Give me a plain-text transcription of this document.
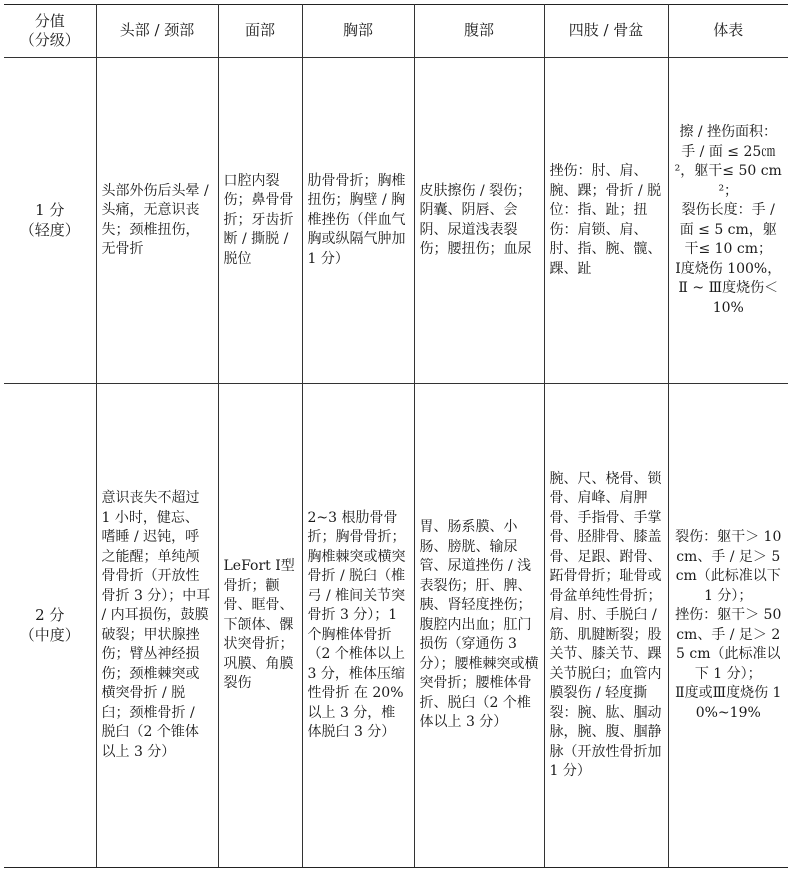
分值
（分级）	头部 / 颈部	面部	胸部	腹部	四肢 / 骨盆	体表

1 分
（轻度）	头部外伤后头晕 / 头痛，无意识丧失；颈椎扭伤，无骨折	口腔内裂伤；鼻骨骨折；牙齿折断 / 撕脱 / 脱位	肋骨骨折；胸椎扭伤；胸壁 / 胸椎挫伤（伴血气胸或纵隔气肿加 1 分）	皮肤擦伤 / 裂伤；阴囊、阴唇、会阴、尿道浅表裂伤；腰扭伤；血尿	挫伤：肘、肩、腕、踝；骨折 / 脱位：指、趾；扭伤：肩锁、肩、肘、指、腕、髋、踝、趾	擦 / 挫伤面积：手 / 面 ≤ 25㎝²，躯干≤ 50 cm²；
裂伤长度：手 / 面 ≤ 5 cm，躯干≤ 10 cm；
Ⅰ度烧伤 100%，
Ⅱ ~ Ⅲ度烧伤＜ 10%

2 分
（中度）	意识丧失不超过 1 小时，健忘、嗜睡 / 迟钝，呼之能醒；单纯颅骨骨折（开放性骨折 3 分）；中耳 / 内耳损伤，鼓膜破裂；甲状腺挫伤；臂丛神经损伤；颈椎棘突或横突骨折 / 脱臼；颈椎骨折 / 脱臼（2 个锥体以上 3 分）	LeFort Ⅰ型骨折；颧骨、眶骨、下颌体、髁状突骨折；巩膜、角膜裂伤	2~3 根肋骨骨折；胸骨骨折；胸椎棘突或横突骨折 / 脱臼（椎弓 / 椎间关节突骨折 3 分）；1 个胸椎体骨折（2 个椎体以上 3 分，椎体压缩性骨折 在 20% 以上 3 分，椎体脱臼 3 分）	胃、肠系膜、小肠、膀胱、输尿管、尿道挫伤 / 浅表裂伤；肝、脾、胰、肾轻度挫伤；腹腔内出血；肛门损伤（穿通伤 3 分）；腰椎棘突或横突骨折；腰椎体骨折、脱臼（2 个椎体以上 3 分）	腕、尺、桡骨、锁骨、肩峰、肩胛骨、手指骨、手掌骨、胫腓骨、膝盖骨、足跟、跗骨、跖骨骨折；耻骨或骨盆单纯性骨折；肩、肘、手脱臼 / 筋、肌腱断裂；股关节、膝关节、踝关节脱臼；血管内膜裂伤 / 轻度撕裂：腕、肱、腘动脉，腕、腹、腘静脉（开放性骨折加 1 分）	裂伤：躯干＞ 10 cm、手 / 足＞ 5 cm（此标准以下 1 分）；
挫伤：躯干＞ 50 cm、手 / 足＞ 25 cm（此标准以下 1 分）；
Ⅱ度或Ⅲ度烧伤 10%~19%
